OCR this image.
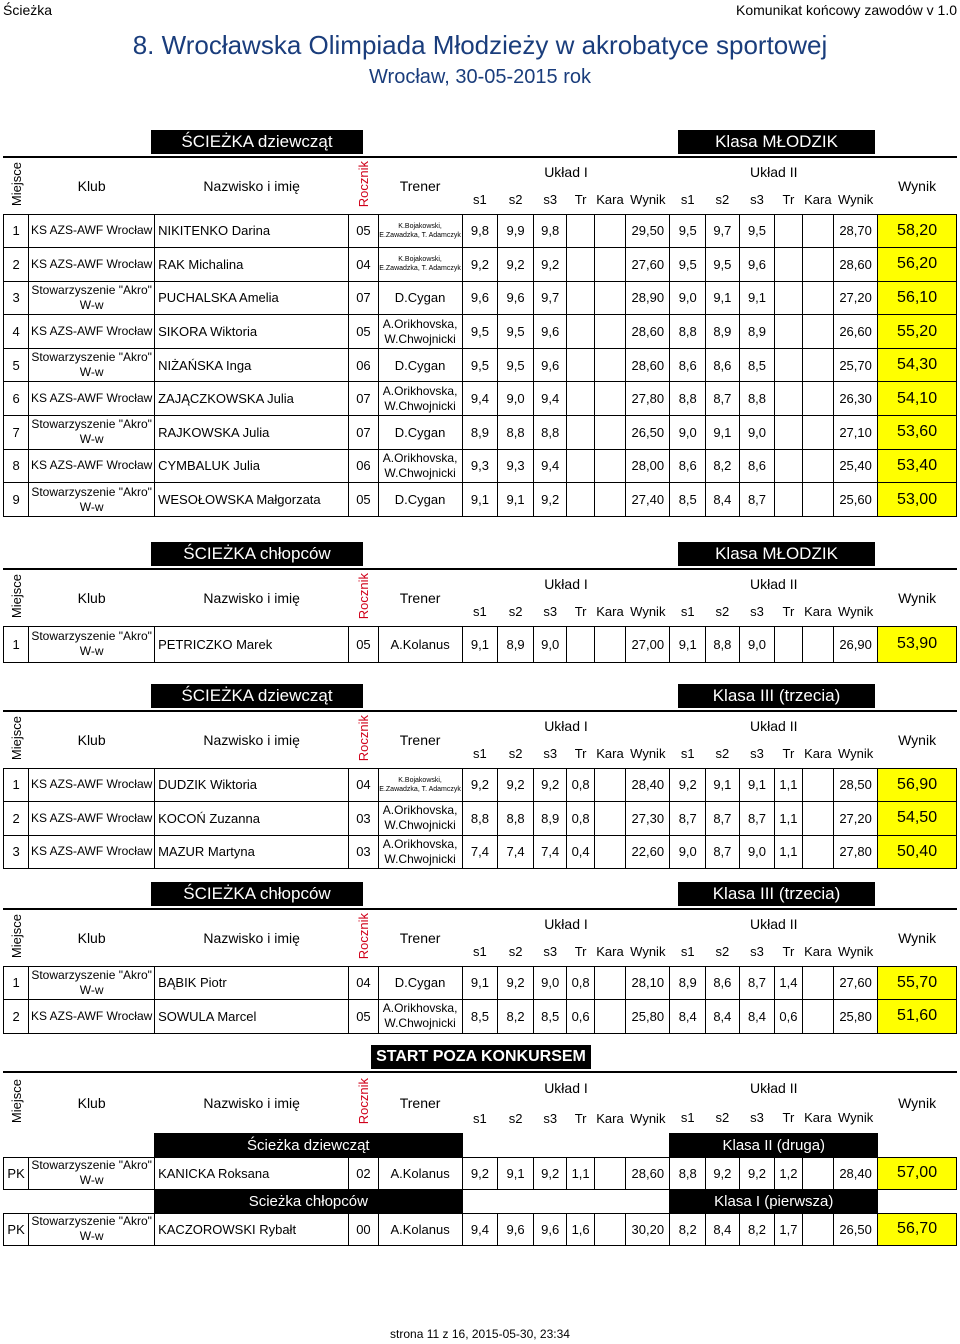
Ścieżka	Komunikat końcowy zawodów v 1.0
8. Wrocławska Olimpiada Młodzieży w akrobatyce sportowej
Wrocław, 30-05-2015 rok
ŚCIEŻKA dziewcząt	Klasa MŁODZIK
Miejsce	Klub	Nazwisko i imię	Rocznik	Trener	Układ I						Układ II						Wynik
					s1	s2	s3	Tr	Kara	Wynik	s1	s2	s3	Tr	Kara	Wynik	
1	KS AZS-AWF Wrocław	NIKITENKO Darina	05	K.Bojakowski, E.Zawadzka, T. Adamczyk	9,8	9,9	9,8			29,50	9,5	9,7	9,5			28,70	58,20
2	KS AZS-AWF Wrocław	RAK Michalina	04	K.Bojakowski, E.Zawadzka, T. Adamczyk	9,2	9,2	9,2			27,60	9,5	9,5	9,6			28,60	56,20
3	Stowarzyszenie "Akro" W-w	PUCHALSKA Amelia	07	D.Cygan	9,6	9,6	9,7			28,90	9,0	9,1	9,1			27,20	56,10
4	KS AZS-AWF Wrocław	SIKORA Wiktoria	05	A.Orikhovska, W.Chwojnicki	9,5	9,5	9,6			28,60	8,8	8,9	8,9			26,60	55,20
5	Stowarzyszenie "Akro" W-w	NIŻAŃSKA Inga	06	D.Cygan	9,5	9,5	9,6			28,60	8,6	8,6	8,5			25,70	54,30
6	KS AZS-AWF Wrocław	ZAJĄCZKOWSKA Julia	07	A.Orikhovska, W.Chwojnicki	9,4	9,0	9,4			27,80	8,8	8,7	8,8			26,30	54,10
7	Stowarzyszenie "Akro" W-w	RAJKOWSKA Julia	07	D.Cygan	8,9	8,8	8,8			26,50	9,0	9,1	9,0			27,10	53,60
8	KS AZS-AWF Wrocław	CYMBALUK Julia	06	A.Orikhovska, W.Chwojnicki	9,3	9,3	9,4			28,00	8,6	8,2	8,6			25,40	53,40
9	Stowarzyszenie "Akro" W-w	WESOŁOWSKA Małgorzata	05	D.Cygan	9,1	9,1	9,2			27,40	8,5	8,4	8,7			25,60	53,00
ŚCIEŻKA chłopców	Klasa MŁODZIK
Miejsce	Klub	Nazwisko i imię	Rocznik	Trener	Układ I						Układ II						Wynik
					s1	s2	s3	Tr	Kara	Wynik	s1	s2	s3	Tr	Kara	Wynik	
1	Stowarzyszenie "Akro" W-w	PETRICZKO Marek	05	A.Kolanus	9,1	8,9	9,0			27,00	9,1	8,8	9,0			26,90	53,90
ŚCIEŻKA dziewcząt	Klasa III (trzecia)
Miejsce	Klub	Nazwisko i imię	Rocznik	Trener	Układ I						Układ II						Wynik
					s1	s2	s3	Tr	Kara	Wynik	s1	s2	s3	Tr	Kara	Wynik	
1	KS AZS-AWF Wrocław	DUDZIK Wiktoria	04	K.Bojakowski, E.Zawadzka, T. Adamczyk	9,2	9,2	9,2	0,8		28,40	9,2	9,1	9,1	1,1		28,50	56,90
2	KS AZS-AWF Wrocław	KOCOŃ Zuzanna	03	A.Orikhovska, W.Chwojnicki	8,8	8,8	8,9	0,8		27,30	8,7	8,7	8,7	1,1		27,20	54,50
3	KS AZS-AWF Wrocław	MAZUR Martyna	03	A.Orikhovska, W.Chwojnicki	7,4	7,4	7,4	0,4		22,60	9,0	8,7	9,0	1,1		27,80	50,40
ŚCIEŻKA chłopców	Klasa III (trzecia)
Miejsce	Klub	Nazwisko i imię	Rocznik	Trener	Układ I						Układ II						Wynik
					s1	s2	s3	Tr	Kara	Wynik	s1	s2	s3	Tr	Kara	Wynik	
1	Stowarzyszenie "Akro" W-w	BĄBIK Piotr	04	D.Cygan	9,1	9,2	9,0	0,8		28,10	8,9	8,6	8,7	1,4		27,60	55,70
2	KS AZS-AWF Wrocław	SOWULA Marcel	05	A.Orikhovska, W.Chwojnicki	8,5	8,2	8,5	0,6		25,80	8,4	8,4	8,4	0,6		25,80	51,60
START POZA KONKURSEM
Miejsce	Klub	Nazwisko i imię	Rocznik	Trener	Układ I						Układ II						Wynik
					s1	s2	s3	Tr	Kara	Wynik	s1	s2	s3	Tr	Kara	Wynik	
		Ścieżka dziewcząt									Klasa II (druga)						
PK	Stowarzyszenie "Akro" W-w	KANICKA Roksana	02	A.Kolanus	9,2	9,1	9,2	1,1		28,60	8,8	9,2	9,2	1,2		28,40	57,00
		Scieżka chłopców									Klasa I (pierwsza)						
PK	Stowarzyszenie "Akro" W-w	KACZOROWSKI Rybałt	00	A.Kolanus	9,4	9,6	9,6	1,6		30,20	8,2	8,4	8,2	1,7		26,50	56,70
strona 11 z 16, 2015-05-30, 23:34
